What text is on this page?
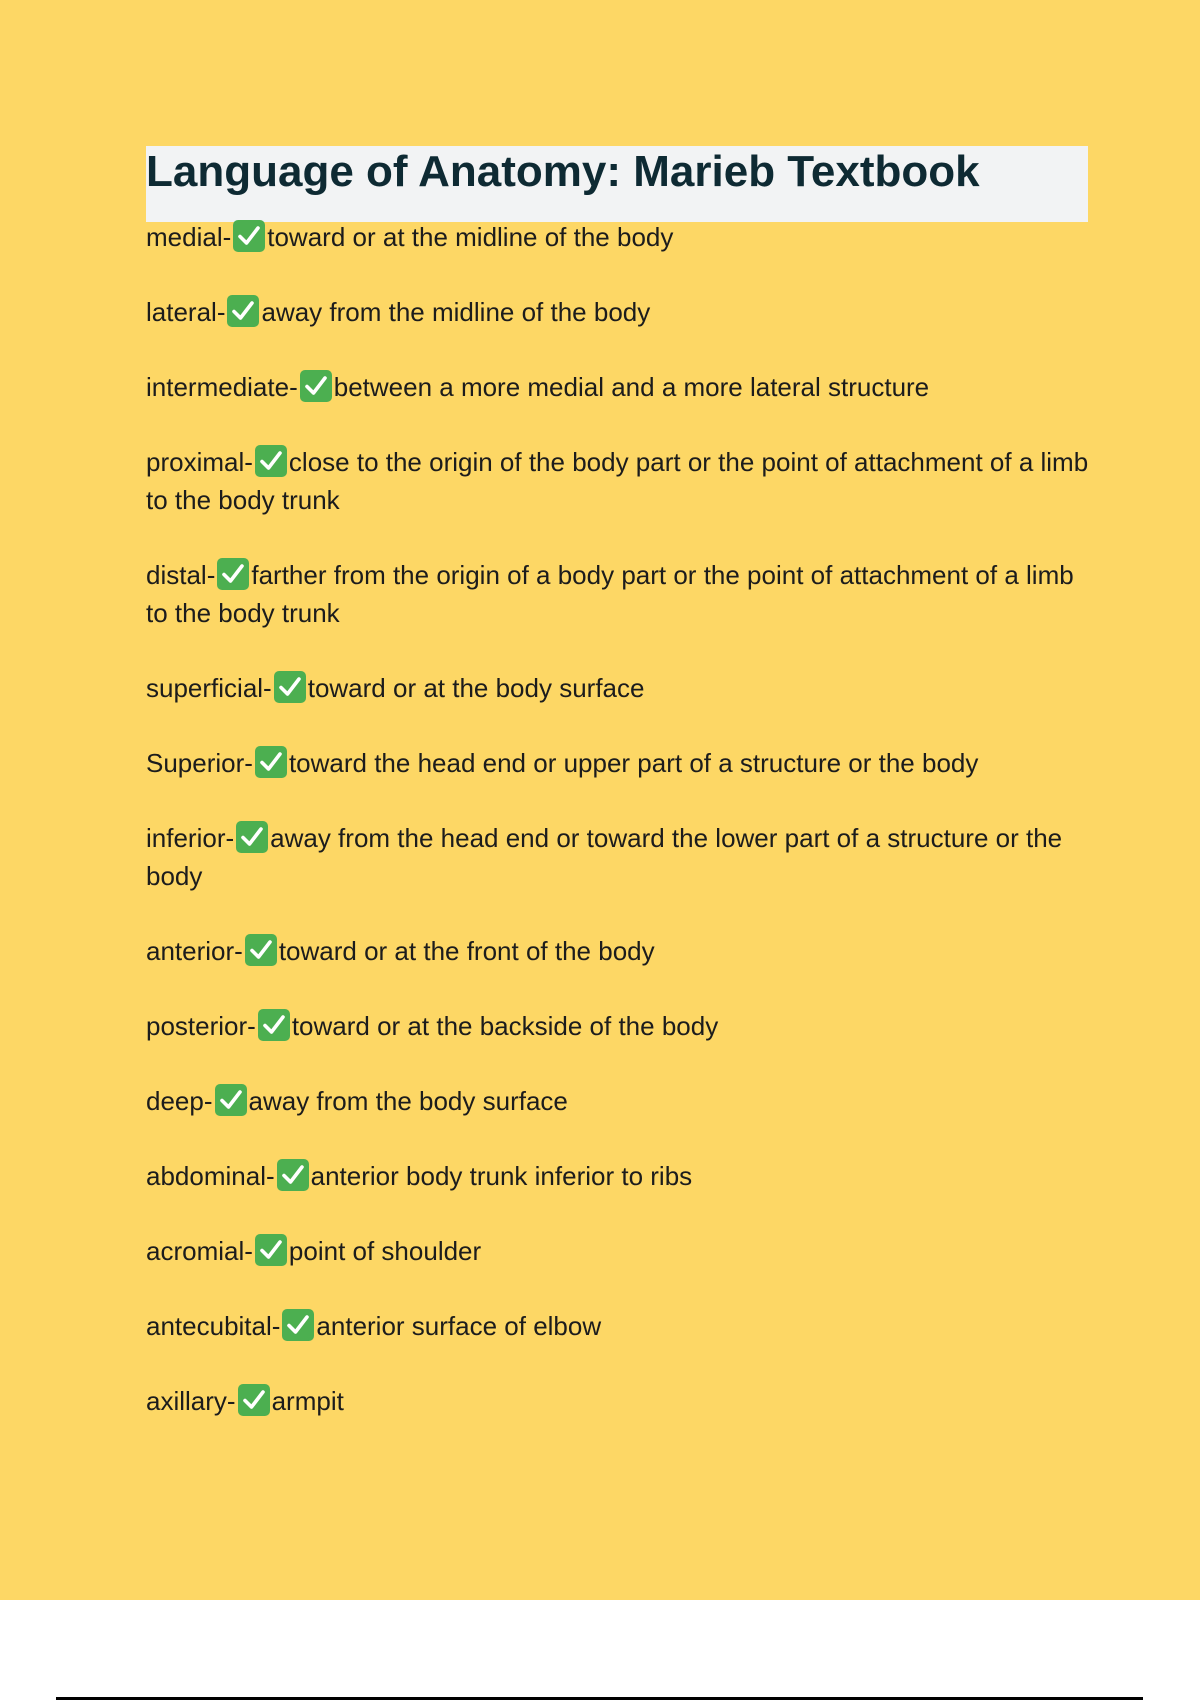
Language of Anatomy: Marieb Textbook
medial- toward or at the midline of the body
lateral- away from the midline of the body
intermediate- between a more medial and a more lateral structure
proximal- close to the origin of the body part or the point of attachment of a limb to the body trunk
distal- farther from the origin of a body part or the point of attachment of a limb to the body trunk
superficial- toward or at the body surface
Superior- toward the head end or upper part of a structure or the body
inferior- away from the head end or toward the lower part of a structure or the body
anterior- toward or at the front of the body
posterior- toward or at the backside of the body
deep- away from the body surface
abdominal- anterior body trunk inferior to ribs
acromial- point of shoulder
antecubital- anterior surface of elbow
axillary- armpit
